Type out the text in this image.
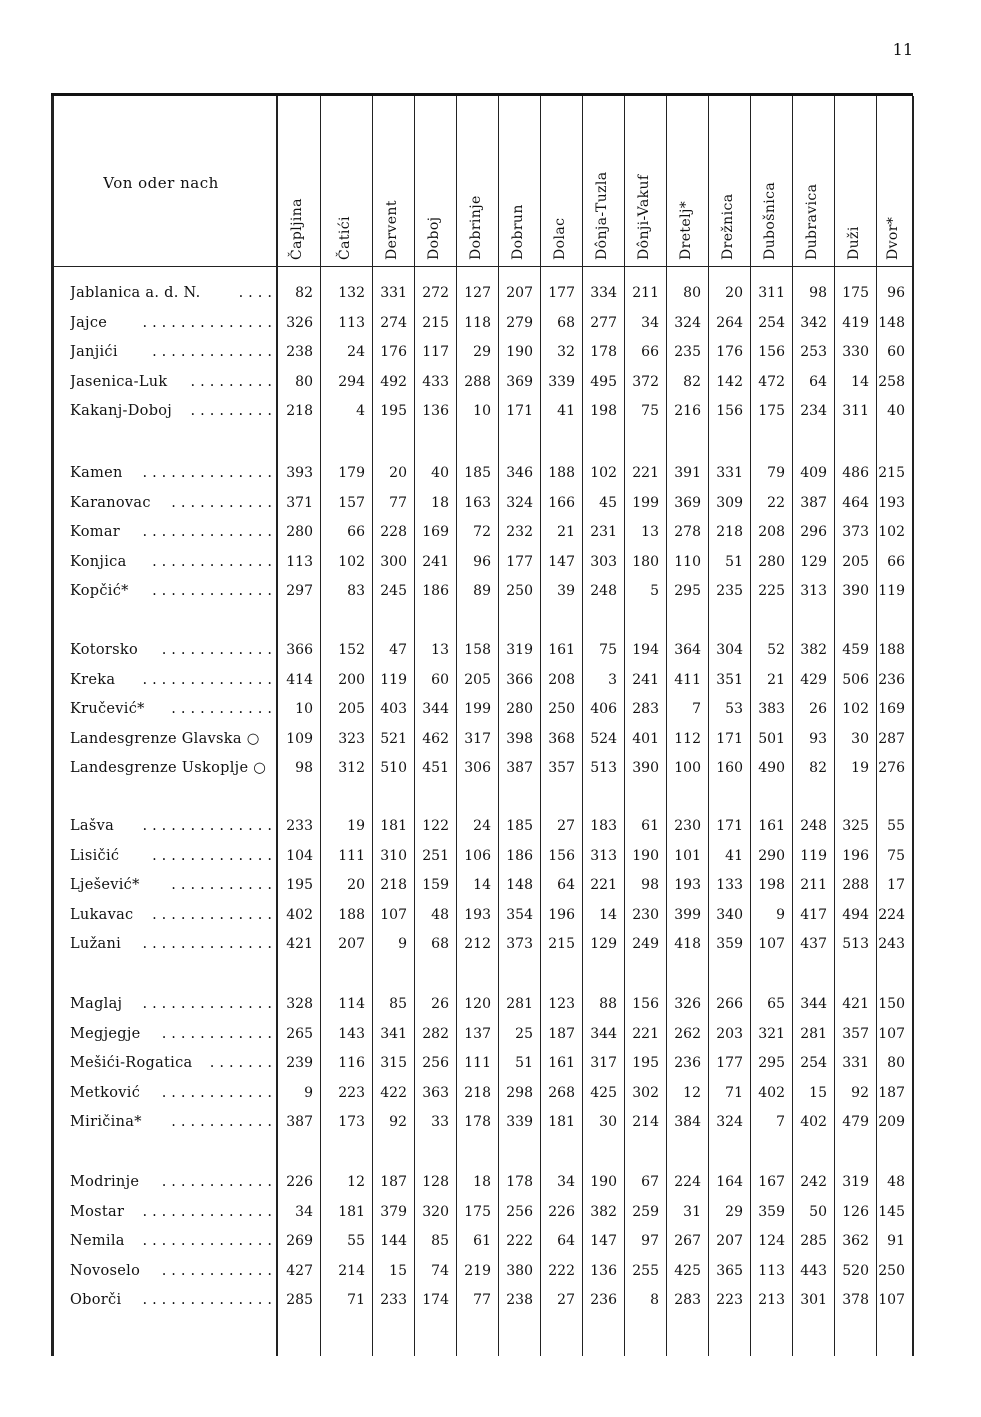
11
Von oder nach
Čapljina Čatići Dervent Doboj Dobrinje Dobrun Dolac Dônja-Tuzla Dônji-Vakuf Dretelj* Drežnica Dubošnica Dubravica Duži Dvor*
Jablanica a. d. N.	....	82	132	331	272	127	207	177	334	211	80	20	311	98	175	96
Jajce	.............. 326	113	274	215	118	279	68	277	34	324	264	254	342	419 148
Janjići	............. 238	24	176	117	29	190	32	178	66	235	176	156	253	330	60
Jasenica-Luk	.........	80	294	492	433	288	369	339	495	372	82	142	472	64	14 258
Kakanj-Doboj	......... 218	4	195	136	10	171	41	198	75	216	156	175	234	311	40
Kamen	.............. 393	179	20	40	185	346	188	102	221	391	331	79	409	486 215
Karanovac	........... 371	157	77	18	163	324	166	45	199	369	309	22	387	464 193
Komar	.............. 280	66	228	169	72	232	21	231	13	278	218	208	296	373 102
Konjica	............. 113	102	300	241	96	177	147	303	180	110	51	280	129	205	66
Kopčić*	............. 297	83	245	186	89	250	39	248	5	295	235	225	313	390 119
Kotorsko	............ 366	152	47	13	158	319	161	75	194	364	304	52	382	459 188
Kreka	.............. 414	200	119	60	205	366	208	3	241	411	351	21	429	506 236
Kručević*	...........	10	205	403	344	199	280	250	406	283	7	53	383	26	102 169
Landesgrenze Glavska ○	109	323	521	462	317	398	368	524	401	112	171	501	93	30 287
Landesgrenze Uskoplje ○	98	312	510	451	306	387	357	513	390	100	160	490	82	19 276
Lašva	.............. 233	19	181	122	24	185	27	183	61	230	171	161	248	325	55
Lisičić	............. 104	111	310	251	106	186	156	313	190	101	41	290	119	196	75
Lješević*	........... 195	20	218	159	14	148	64	221	98	193	133	198	211	288	17
Lukavac	............. 402	188	107	48	193	354	196	14	230	399	340	9	417	494 224
Lužani	.............. 421	207	9	68	212	373	215	129	249	418	359	107	437	513 243
Maglaj	.............. 328	114	85	26	120	281	123	88	156	326	266	65	344	421 150
Megjegje	............ 265	143	341	282	137	25	187	344	221	262	203	321	281	357 107
Mešići-Rogatica	....... 239	116	315	256	111	51	161	317	195	236	177	295	254	331	80
Metković	............	9	223	422	363	218	298	268	425	302	12	71	402	15	92 187
Miričina*	........... 387	173	92	33	178	339	181	30	214	384	324	7	402	479 209
Modrinje	............ 226	12	187	128	18	178	34	190	67	224	164	167	242	319	48
Mostar	..............	34	181	379	320	175	256	226	382	259	31	29	359	50	126 145
Nemila	.............. 269	55	144	85	61	222	64	147	97	267	207	124	285	362	91
Novoselo	............ 427	214	15	74	219	380	222	136	255	425	365	113	443	520 250
Oborči	.............. 285	71	233	174	77	238	27	236	8	283	223	213	301	378 107
